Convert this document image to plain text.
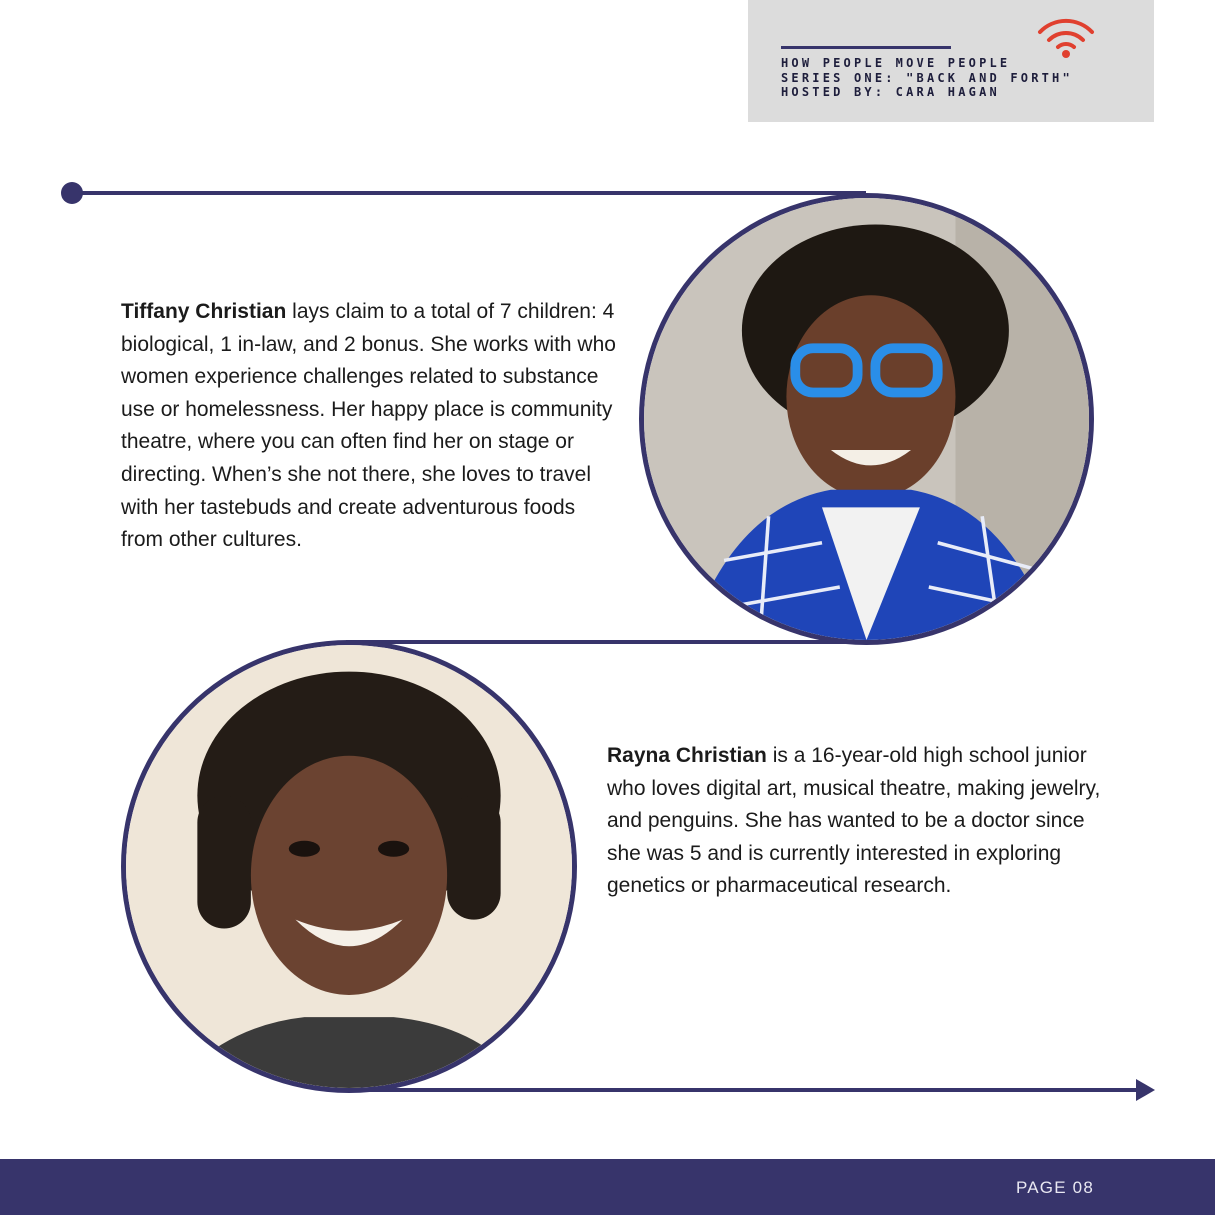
HOW PEOPLE MOVE PEOPLE
SERIES ONE: "BACK AND FORTH"
HOSTED BY: CARA HAGAN
Tiffany Christian lays claim to a total of 7 children: 4 biological, 1 in-law, and 2 bonus. She works with who women experience challenges related to substance use or homelessness. Her happy place is community theatre, where you can often find her on stage or directing. When’s she not there, she loves to travel with her tastebuds and create adventurous foods from other cultures.
Rayna Christian is a 16-year-old high school junior who loves digital art, musical theatre, making jewelry, and penguins. She has wanted to be a doctor since she was 5 and is currently interested in exploring genetics or pharmaceutical research.
PAGE 08
